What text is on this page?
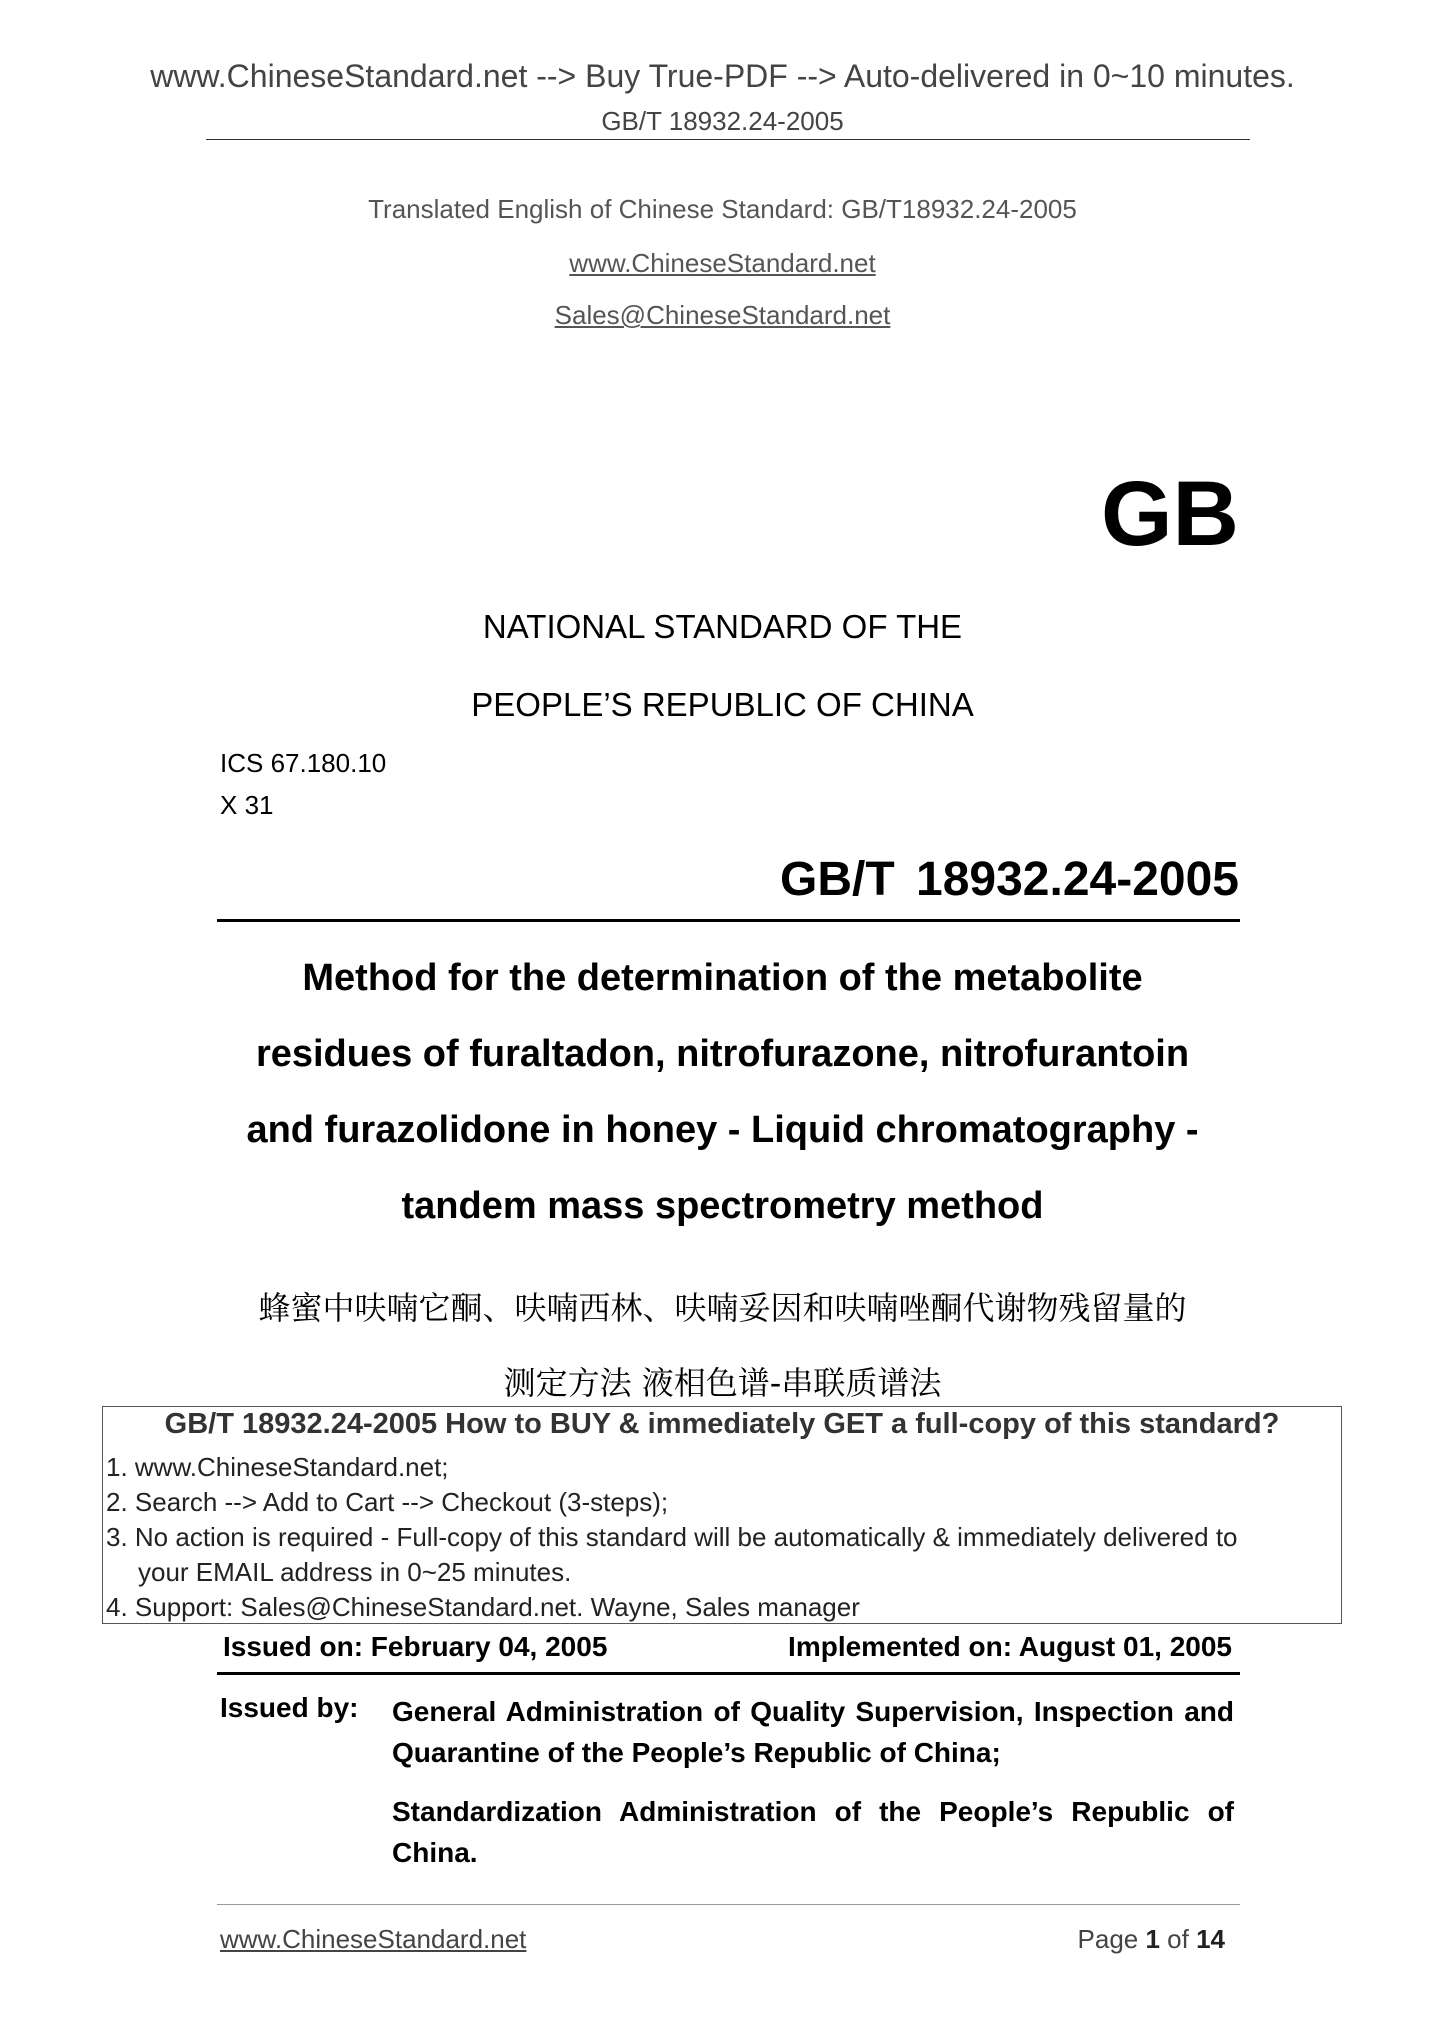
www.ChineseStandard.net --> Buy True-PDF --> Auto-delivered in 0~10 minutes.
GB/T 18932.24-2005
Translated English of Chinese Standard: GB/T18932.24-2005
www.ChineseStandard.net
Sales@ChineseStandard.net
GB
NATIONAL STANDARD OF THE
PEOPLE’S REPUBLIC OF CHINA
ICS 67.180.10
X 31
GB/T 18932.24-2005
Method for the determination of the metabolite
residues of furaltadon, nitrofurazone, nitrofurantoin
and furazolidone in honey - Liquid chromatography -
tandem mass spectrometry method
蜂蜜中呋喃它酮、呋喃西林、呋喃妥因和呋喃唑酮代谢物残留量的
测定方法 液相色谱-串联质谱法
GB/T 18932.24-2005 How to BUY & immediately GET a full-copy of this standard?
1. www.ChineseStandard.net;
2. Search --> Add to Cart --> Checkout (3-steps);
3. No action is required - Full-copy of this standard will be automatically & immediately delivered to
your EMAIL address in 0~25 minutes.
4. Support: Sales@ChineseStandard.net. Wayne, Sales manager
Issued on: February 04, 2005	Implemented on: August 01, 2005
Issued by: General Administration of Quality Supervision, Inspection and Quarantine of the People’s Republic of China;
Standardization Administration of the People’s Republic of China.
www.ChineseStandard.net	Page 1 of 14
